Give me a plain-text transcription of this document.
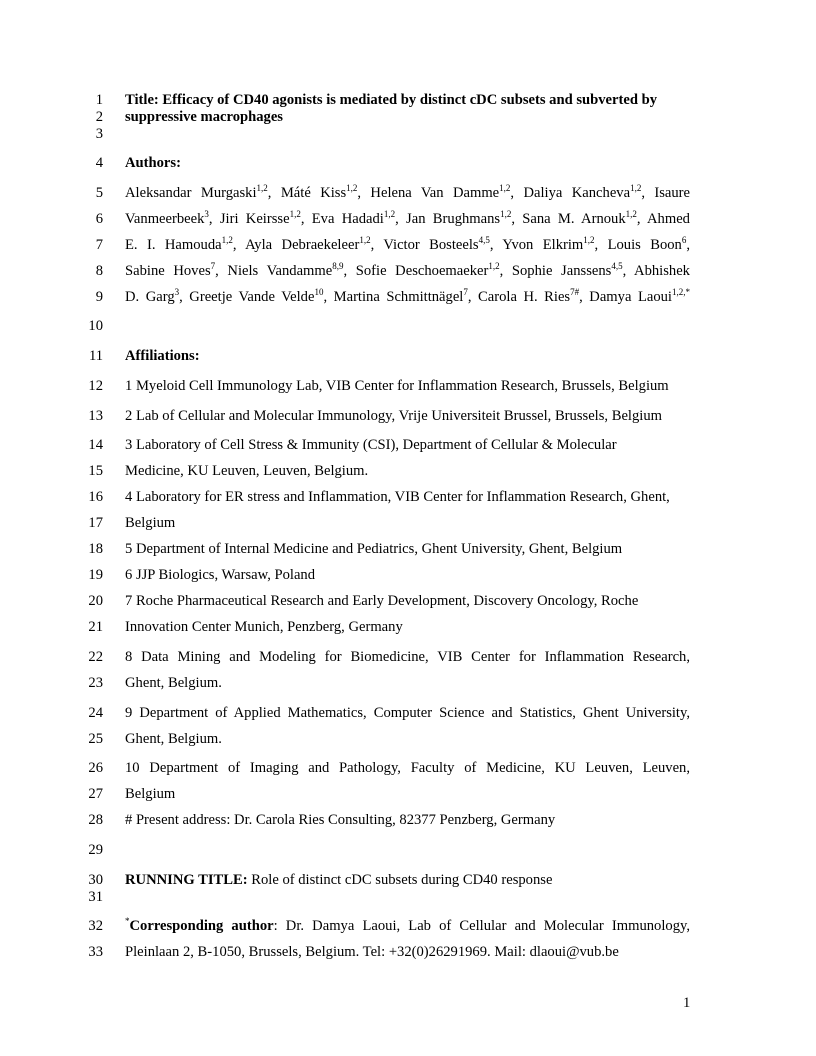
1
2
3
4
5
6
7
8
9
10
11
12
13
14
15
16
17
18
19
20
21
22
23
24
25
26
27
28
29
30
31
32
33
Title: Efficacy of CD40 agonists is mediated by distinct cDC subsets and subverted by
suppressive macrophages
Authors:
Aleksandar Murgaski$^{1,2}$, Máté Kiss$^{1,2}$, Helena Van Damme$^{1,2}$, Daliya Kancheva$^{1,2}$, Isaure
Vanmeerbeek$^3$, Jiri Keirsse$^{1,2}$, Eva Hadadi$^{1,2}$, Jan Brughmans$^{1,2}$, Sana M. Arnouk$^{1,2}$, Ahmed
E. I. Hamouda$^{1,2}$, Ayla Debraekeleer$^{1,2}$, Victor Bosteels$^{4,5}$, Yvon Elkrim$^{1,2}$, Louis Boon$^6$,
Sabine Hoves$^7$, Niels Vandamme$^{8,9}$, Sofie Deschoemaeker$^{1,2}$, Sophie Janssens$^{4,5}$, Abhishek
D. Garg$^3$, Greetje Vande Velde$^{10}$, Martina Schmittnägel$^7$, Carola H. Ries$^{7\#}$, Damya Laoui$^{1,2,*}$
Affiliations:
1 Myeloid Cell Immunology Lab, VIB Center for Inflammation Research, Brussels, Belgium
2 Lab of Cellular and Molecular Immunology, Vrije Universiteit Brussel, Brussels, Belgium
3 Laboratory of Cell Stress & Immunity (CSI), Department of Cellular & Molecular
Medicine, KU Leuven, Leuven, Belgium.
4 Laboratory for ER stress and Inflammation, VIB Center for Inflammation Research, Ghent,
Belgium
5 Department of Internal Medicine and Pediatrics, Ghent University, Ghent, Belgium
6 JJP Biologics, Warsaw, Poland
7 Roche Pharmaceutical Research and Early Development, Discovery Oncology, Roche
Innovation Center Munich, Penzberg, Germany
8 Data Mining and Modeling for Biomedicine, VIB Center for Inflammation Research,
Ghent, Belgium.
9 Department of Applied Mathematics, Computer Science and Statistics, Ghent University,
Ghent, Belgium.
10 Department of Imaging and Pathology, Faculty of Medicine, KU Leuven, Leuven,
Belgium
# Present address: Dr. Carola Ries Consulting, 82377 Penzberg, Germany
RUNNING TITLE: Role of distinct cDC subsets during CD40 response
*Corresponding author: Dr. Damya Laoui, Lab of Cellular and Molecular Immunology,
Pleinlaan 2, B-1050, Brussels, Belgium. Tel: +32(0)26291969. Mail: dlaoui@vub.be
1
